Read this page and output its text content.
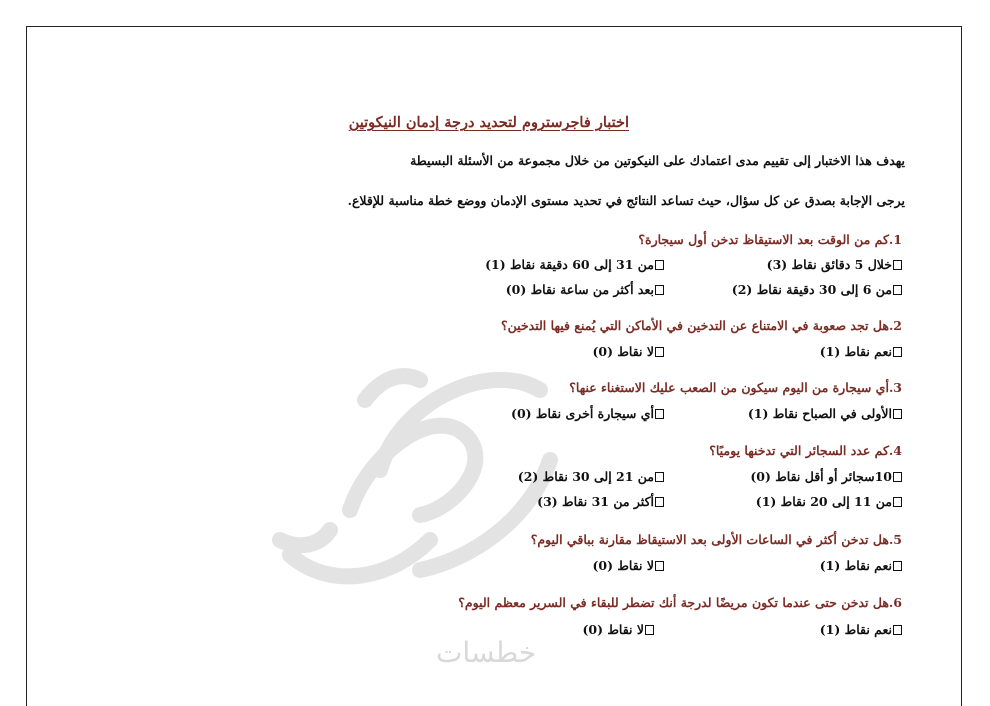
خطسات
اختبار فاجرستروم لتحديد درجة إدمان النيكوتين
يهدف هذا الاختبار إلى تقييم مدى اعتمادك على النيكوتين من خلال مجموعة من الأسئلة البسيطة
يرجى الإجابة بصدق عن كل سؤال، حيث تساعد النتائج في تحديد مستوى الإدمان ووضع خطة مناسبة للإقلاع.
1.كم من الوقت بعد الاستيقاظ تدخن أول سيجارة؟
خلال 5 دقائق نقاط (3)
من 31 إلى 60 دقيقة نقاط (1)
من 6 إلى 30 دقيقة نقاط (2)
بعد أكثر من ساعة نقاط (0)
2.هل تجد صعوبة في الامتناع عن التدخين في الأماكن التي يُمنع فيها التدخين؟
نعم نقاط (1)
لا نقاط (0)
3.أي سيجارة من اليوم سيكون من الصعب عليك الاستغناء عنها؟
الأولى في الصباح نقاط (1)
أي سيجارة أخرى نقاط (0)
4.كم عدد السجائر التي تدخنها يوميًا؟
10سجائر أو أقل نقاط (0)
من 21 إلى 30 نقاط (2)
من 11 إلى 20 نقاط (1)
أكثر من 31 نقاط (3)
5.هل تدخن أكثر في الساعات الأولى بعد الاستيقاظ مقارنة بباقي اليوم؟
نعم نقاط (1)
لا نقاط (0)
6.هل تدخن حتى عندما تكون مريضًا لدرجة أنك تضطر للبقاء في السرير معظم اليوم؟
نعم نقاط (1)
لا نقاط (0)
